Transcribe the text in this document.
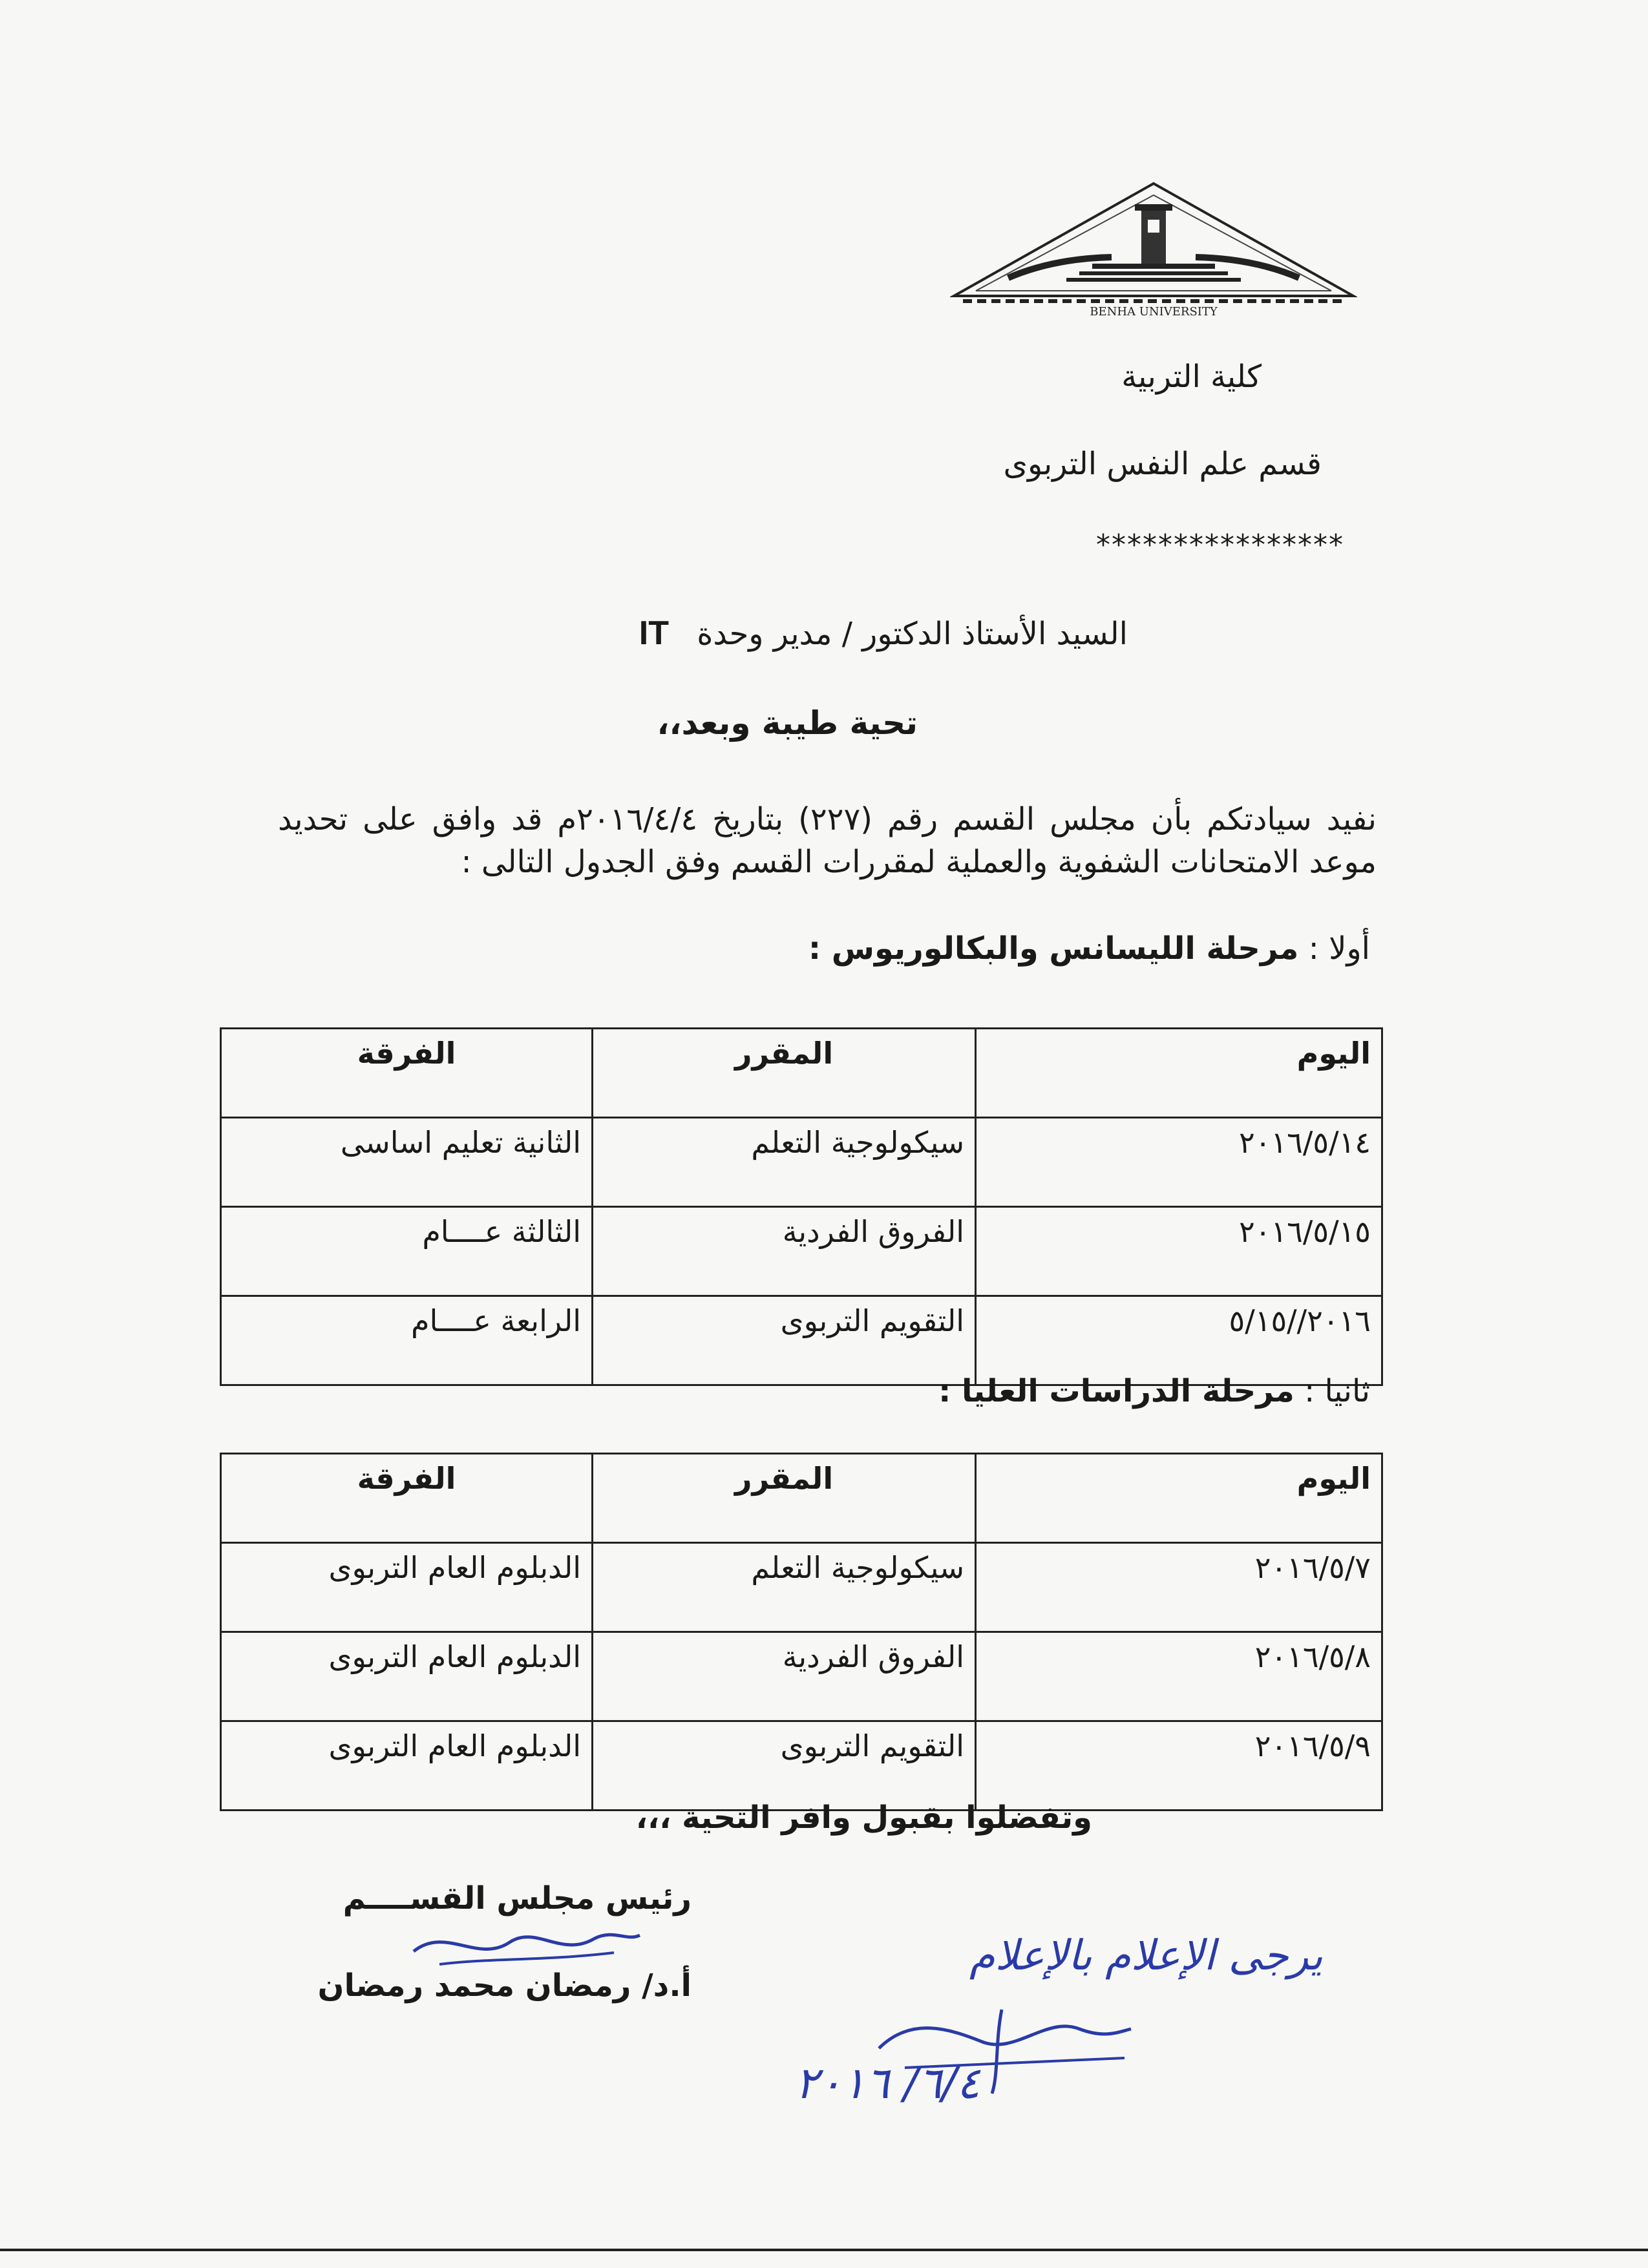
BENHA UNIVERSITY
كلية التربية
قسم علم النفس التربوى
****************
السيد الأستاذ الدكتور / مدير وحدة IT
تحية طيبة وبعد،،
نفيد سيادتكم بأن مجلس القسم رقم (٢٢٧) بتاريخ ٢٠١٦/٤/٤م قد وافق على تحديد موعد الامتحانات الشفوية والعملية لمقررات القسم وفق الجدول التالى :
أولا : مرحلة الليسانس والبكالوريوس :
اليوم	المقرر	الفرقة
٢٠١٦/٥/١٤	سيكولوجية التعلم	الثانية تعليم اساسى
٢٠١٦/٥/١٥	الفروق الفردية	الثالثة عــــام
٢٠١٦//٥/١٥	التقويم التربوى	الرابعة عــــام
ثانيا : مرحلة الدراسات العليا :
اليوم	المقرر	الفرقة
٢٠١٦/٥/٧	سيكولوجية التعلم	الدبلوم العام التربوى
٢٠١٦/٥/٨	الفروق الفردية	الدبلوم العام التربوى
٢٠١٦/٥/٩	التقويم التربوى	الدبلوم العام التربوى
وتفضلوا بقبول وافر التحية ،،،
رئيس مجلس القســــم
أ.د/ رمضان محمد رمضان
يرجى الإعلام بالإعلام
٦/٤/ ٢٠١٦
